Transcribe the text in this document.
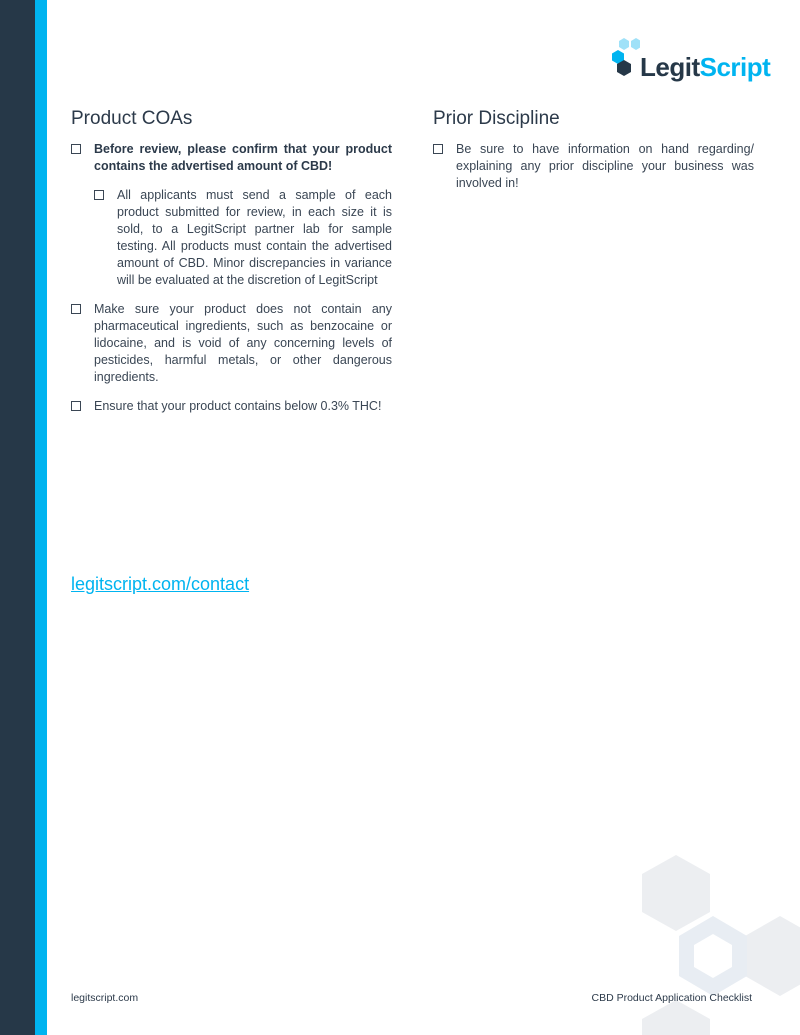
LegitScript
Product COAs
Before review, please confirm that your product contains the advertised amount of CBD!
All applicants must send a sample of each product submitted for review, in each size it is sold, to a LegitScript partner lab for sample testing. All products must contain the advertised amount of CBD. Minor discrepancies in variance will be evaluated at the discretion of LegitScript
Make sure your product does not contain any pharmaceutical ingredients, such as benzocaine or lidocaine, and is void of any concerning levels of pesticides, harmful metals, or other dangerous ingredients.
Ensure that your product contains below 0.3% THC!
Prior Discipline
Be sure to have information on hand regarding/ explaining any prior discipline your business was involved in!
legitscript.com/contact
legitscript.com	CBD Product Application Checklist
